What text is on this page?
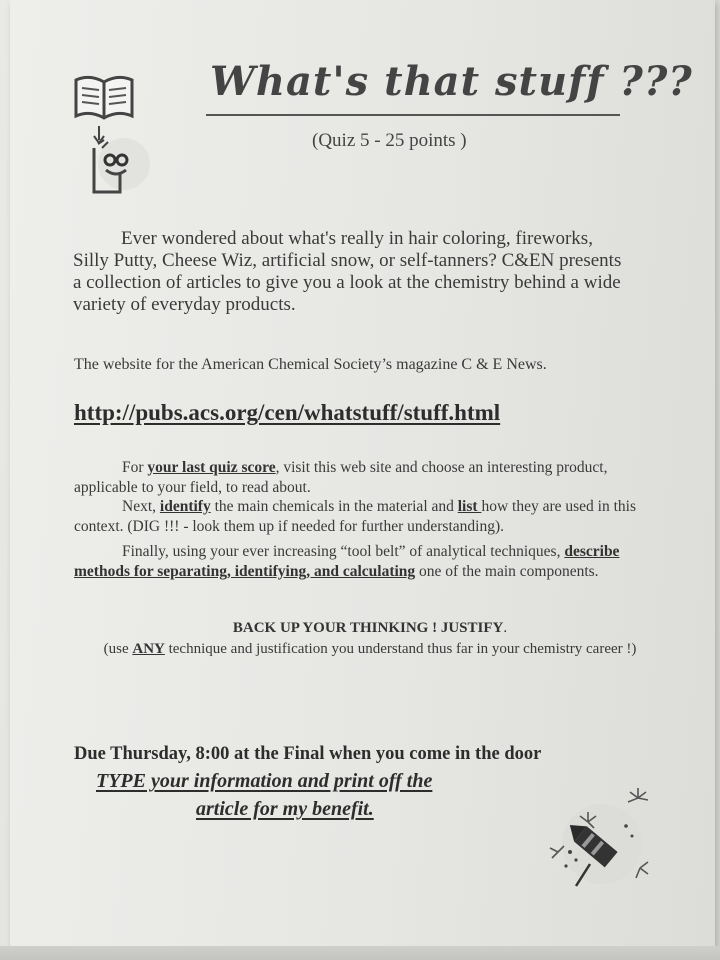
What's that stuff ???
(Quiz 5 - 25 points )

Ever wondered about what's really in hair coloring, fireworks, Silly Putty, Cheese Wiz, artificial snow, or self-tanners? C&EN presents a collection of articles to give you a look at the chemistry behind a wide variety of everyday products.

The website for the American Chemical Society’s magazine C & E News.
http://pubs.acs.org/cen/whatstuff/stuff.html

For your last quiz score, visit this web site and choose an interesting product, applicable to your field, to read about.

Next, identify the main chemicals in the material and list how they are used in this context. (DIG !!! - look them up if needed for further understanding).

Finally, using your ever increasing “tool belt” of analytical techniques, describe methods for separating, identifying, and calculating one of the main components.

BACK UP YOUR THINKING ! JUSTIFY.
(use ANY technique and justification you understand thus far in your chemistry career !)
Due Thursday, 8:00 at the Final when you come in the door
TYPE your information and print off the
article for my benefit.
